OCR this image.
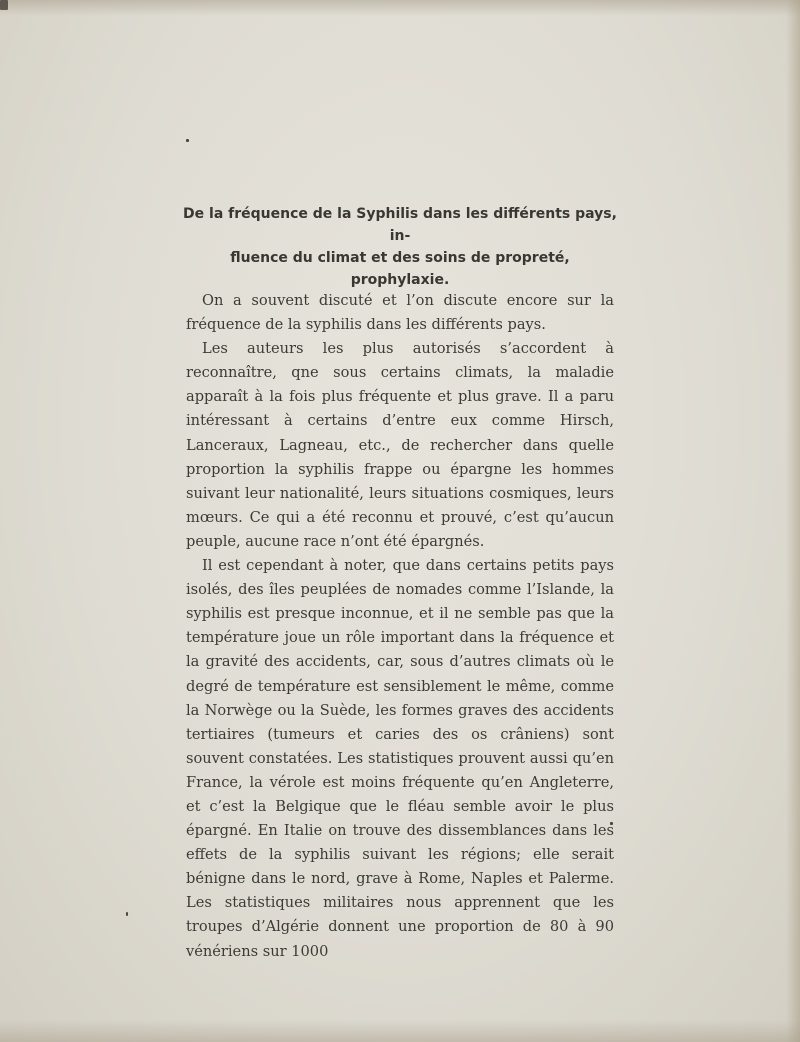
De la fréquence de la Syphilis dans les différents pays, in-
fluence du climat et des soins de propreté, prophylaxie.

On a souvent discuté et l’on discute encore sur la fréquence de la syphilis dans les différents pays.

Les auteurs les plus autorisés s’accordent à reconnaître, qne sous certains climats, la maladie apparaît à la fois plus fréquente et plus grave. Il a paru intéressant à certains d’entre eux comme Hirsch, Lanceraux, Lagneau, etc., de rechercher dans quelle proportion la syphilis frappe ou épargne les hommes suivant leur nationalité, leurs situations cosmiques, leurs mœurs. Ce qui a été reconnu et prouvé, c’est qu’aucun peuple, aucune race n’ont été épargnés.

Il est cependant à noter, que dans certains petits pays isolés, des îles peuplées de nomades comme l’Islande, la syphilis est presque inconnue, et il ne semble pas que la température joue un rôle important dans la fréquence et la gravité des accidents, car, sous d’autres climats où le degré de température est sensiblement le même, comme la Norwège ou la Suède, les formes graves des accidents tertiaires (tumeurs et caries des os crâniens) sont souvent constatées. Les statistiques prouvent aussi qu’en France, la vérole est moins fréquente qu’en Angleterre, et c’est la Belgique que le fléau semble avoir le plus épargné. En Italie on trouve des dissemblances dans les effets de la syphilis suivant les régions; elle serait bénigne dans le nord, grave à Rome, Naples et Palerme. Les statistiques militaires nous apprennent que les troupes d’Algérie donnent une proportion de 80 à 90 vénériens sur 1000
